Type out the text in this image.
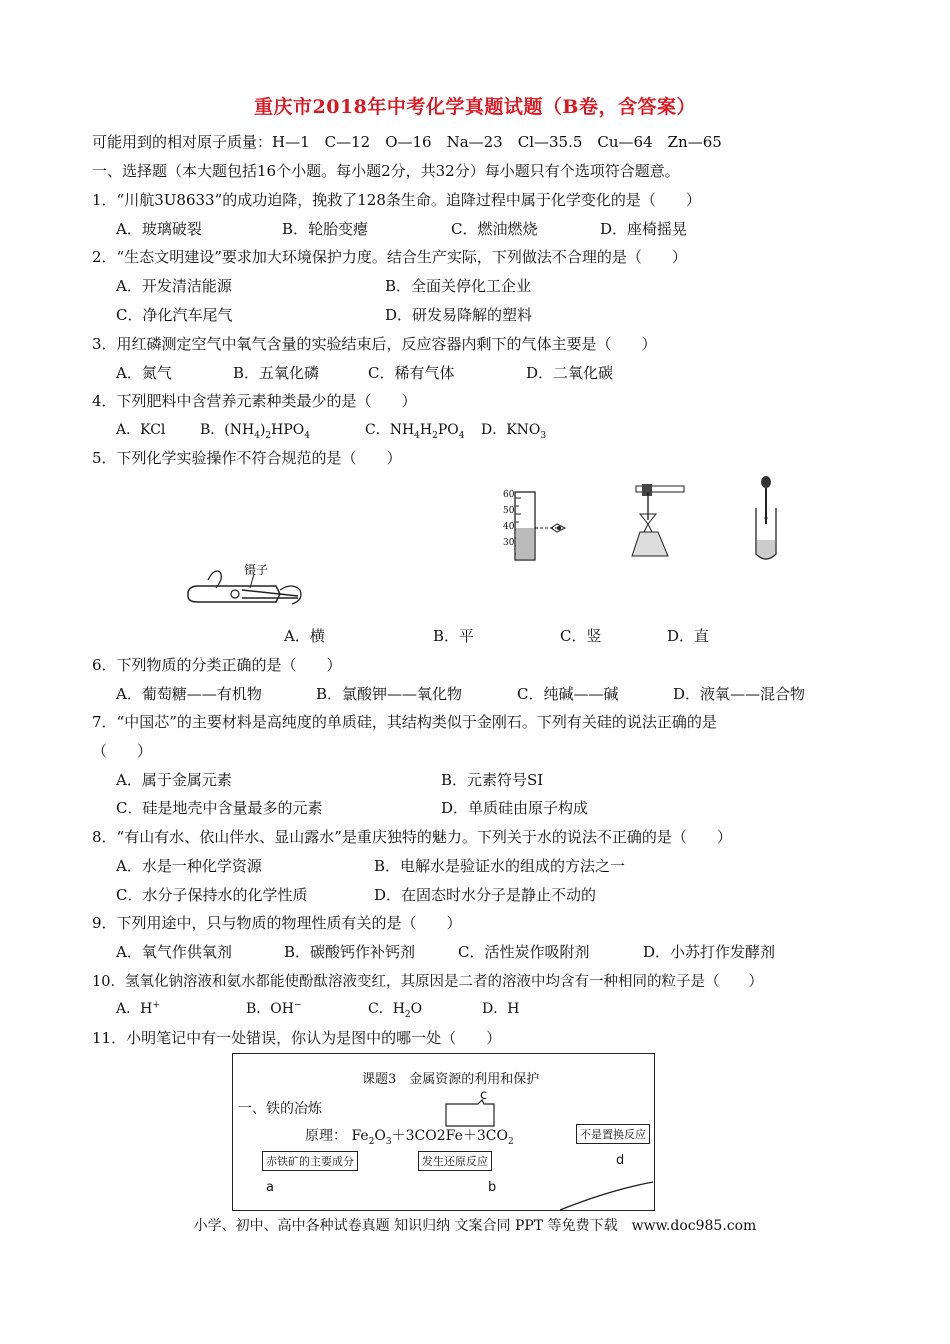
重庆市2018年中考化学真题试题（B卷，含答案）
可能用到的相对原子质量：H—1　C—12　O—16　Na—23　Cl—35.5　Cu—64　Zn—65
一、选择题（本大题包括16个小题。每小题2分，共32分）每小题只有个选项符合题意。
1．“川航3U8633”的成功迫降，挽救了128条生命。追降过程中属于化学变化的是（　　）
A．玻璃破裂	B．轮胎变瘪	C．燃油燃烧	D．座椅摇晃
2．“生态文明建设”要求加大环境保护力度。结合生产实际，下列做法不合理的是（　　）
A．开发清洁能源	B．全面关停化工企业
C．净化汽车尾气	D．研发易降解的塑料
3．用红磷测定空气中氧气含量的实验结束后，反应容器内剩下的气体主要是（　　）
A．氮气	B．五氧化磷	C．稀有气体	D．二氧化碳
4．下列肥料中含营养元素种类最少的是（　　）
A．KCl B．$(NH_4)_2HPO_4$	C．$NH_4H_2PO_4$ D．$KNO_3$
5．下列化学实验操作不符合规范的是（　　）
镊子
60
50
40
30
A．横	B．平	C．竖	D．直
6．下列物质的分类正确的是（　　）
A．葡萄糖——有机物	B．氯酸钾——氧化物	C．纯碱——碱	D．液氧——混合物
7．“中国芯”的主要材料是高纯度的单质硅，其结构类似于金刚石。下列有关硅的说法正确的是
（　　）
A．属于金属元素	B．元素符号SI
C．硅是地壳中含量最多的元素	D．单质硅由原子构成
8．“有山有水、依山伴水、显山露水”是重庆独特的魅力。下列关于水的说法不正确的是（　　）
A．水是一种化学资源	B．电解水是验证水的组成的方法之一
C．水分子保持水的化学性质	D．在固态时水分子是静止不动的
9．下列用途中，只与物质的物理性质有关的是（　　）
A．氧气作供氧剂	B．碳酸钙作补钙剂	C．活性炭作吸附剂	D．小苏打作发酵剂
10．氢氧化钠溶液和氨水都能使酚酞溶液变红，其原因是二者的溶液中均含有一种相同的粒子是（　　）
A．H+	B．OH−	C．$H_2O$	D．H
11．小明笔记中有一处错误，你认为是图中的哪一处（　　）
课题3　金属资源的利用和保护
一、铁的冶炼
原理： $Fe_2O_3+3CO2Fe+3CO_2$
c
赤铁矿的主要成分
a
发生还原反应
b
不是置换反应
d
小学、初中、高中各种试卷真题 知识归纳 文案合同 PPT 等免费下载　www.doc985.com
